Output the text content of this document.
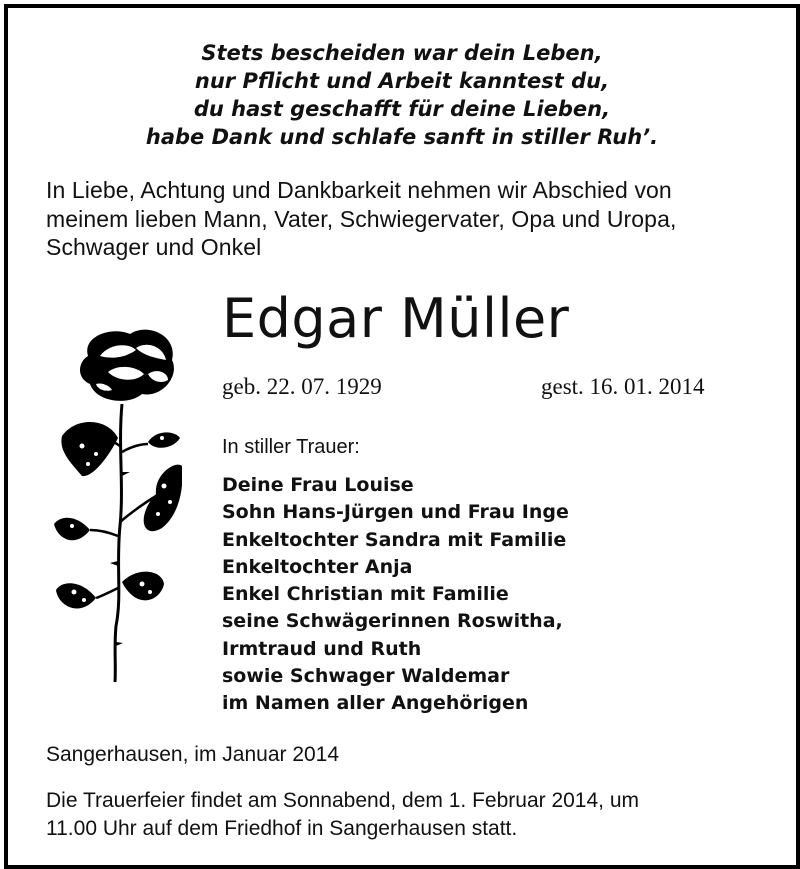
Stets bescheiden war dein Leben,
nur Pflicht und Arbeit kanntest du,
du hast geschafft für deine Lieben,
habe Dank und schlafe sanft in stiller Ruh’.
In Liebe, Achtung und Dankbarkeit nehmen wir Abschied von
meinem lieben Mann, Vater, Schwiegervater, Opa und Uropa,
Schwager und Onkel
Edgar Müller
geb. 22. 07. 1929	gest. 16. 01. 2014
In stiller Trauer:
Deine Frau Louise
Sohn Hans-Jürgen und Frau Inge
Enkeltochter Sandra mit Familie
Enkeltochter Anja
Enkel Christian mit Familie
seine Schwägerinnen Roswitha,
Irmtraud und Ruth
sowie Schwager Waldemar
im Namen aller Angehörigen
Sangerhausen, im Januar 2014
Die Trauerfeier findet am Sonnabend, dem 1. Februar 2014, um
11.00 Uhr auf dem Friedhof in Sangerhausen statt.
